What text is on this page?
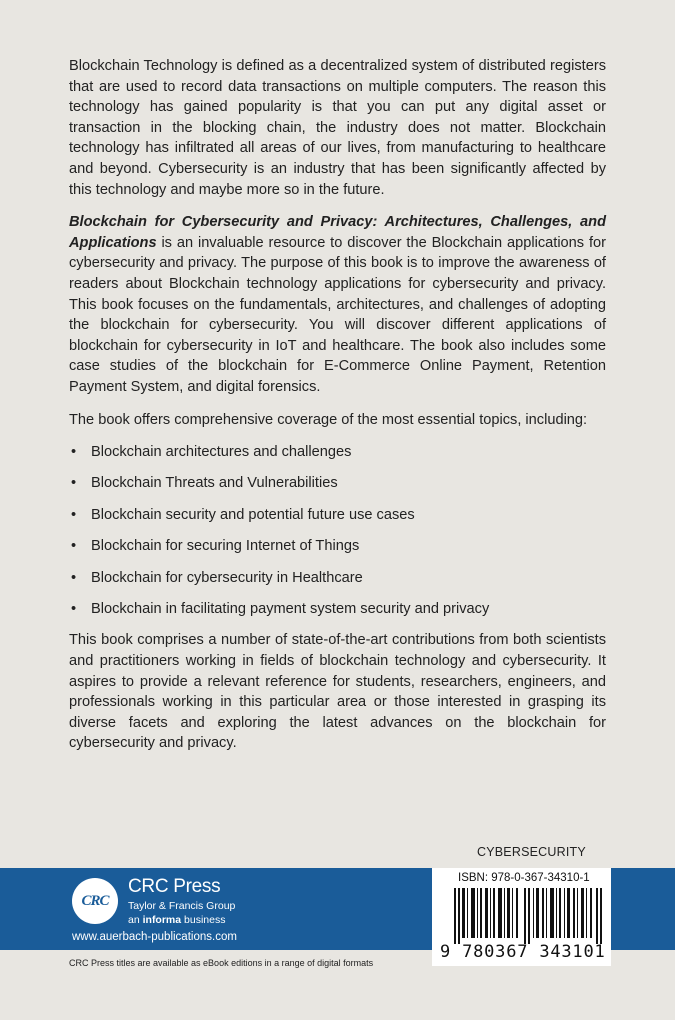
Blockchain Technology is defined as a decentralized system of distributed registers that are used to record data transactions on multiple computers. The reason this technology has gained popularity is that you can put any digital asset or transaction in the blocking chain, the industry does not matter. Blockchain technology has infiltrated all areas of our lives, from manufacturing to healthcare and beyond. Cybersecurity is an industry that has been significantly affected by this technology and maybe more so in the future.

Blockchain for Cybersecurity and Privacy: Architectures, Challenges, and Applications is an invaluable resource to discover the Blockchain applications for cybersecurity and privacy. The purpose of this book is to improve the awareness of readers about Blockchain technology applications for cybersecurity and privacy. This book focuses on the fundamentals, architectures, and challenges of adopting the blockchain for cybersecurity. You will discover different applications of blockchain for cybersecurity in IoT and healthcare. The book also includes some case studies of the blockchain for E-Commerce Online Payment, Retention Payment System, and digital forensics.

The book offers comprehensive coverage of the most essential topics, including:

• Blockchain architectures and challenges
• Blockchain Threats and Vulnerabilities
• Blockchain security and potential future use cases
• Blockchain for securing Internet of Things
• Blockchain for cybersecurity in Healthcare
• Blockchain in facilitating payment system security and privacy

This book comprises a number of state-of-the-art contributions from both scientists and practitioners working in fields of blockchain technology and cybersecurity. It aspires to provide a relevant reference for students, researchers, engineers, and professionals working in this particular area or those interested in grasping its diverse facets and exploring the latest advances on the blockchain for cybersecurity and privacy.

CYBERSECURITY
CRC
CRC Press
Taylor & Francis Group
an informa business
www.auerbach-publications.com
ISBN: 978-0-367-34310-1
9 780367 343101
CRC Press titles are available as eBook editions in a range of digital formats
